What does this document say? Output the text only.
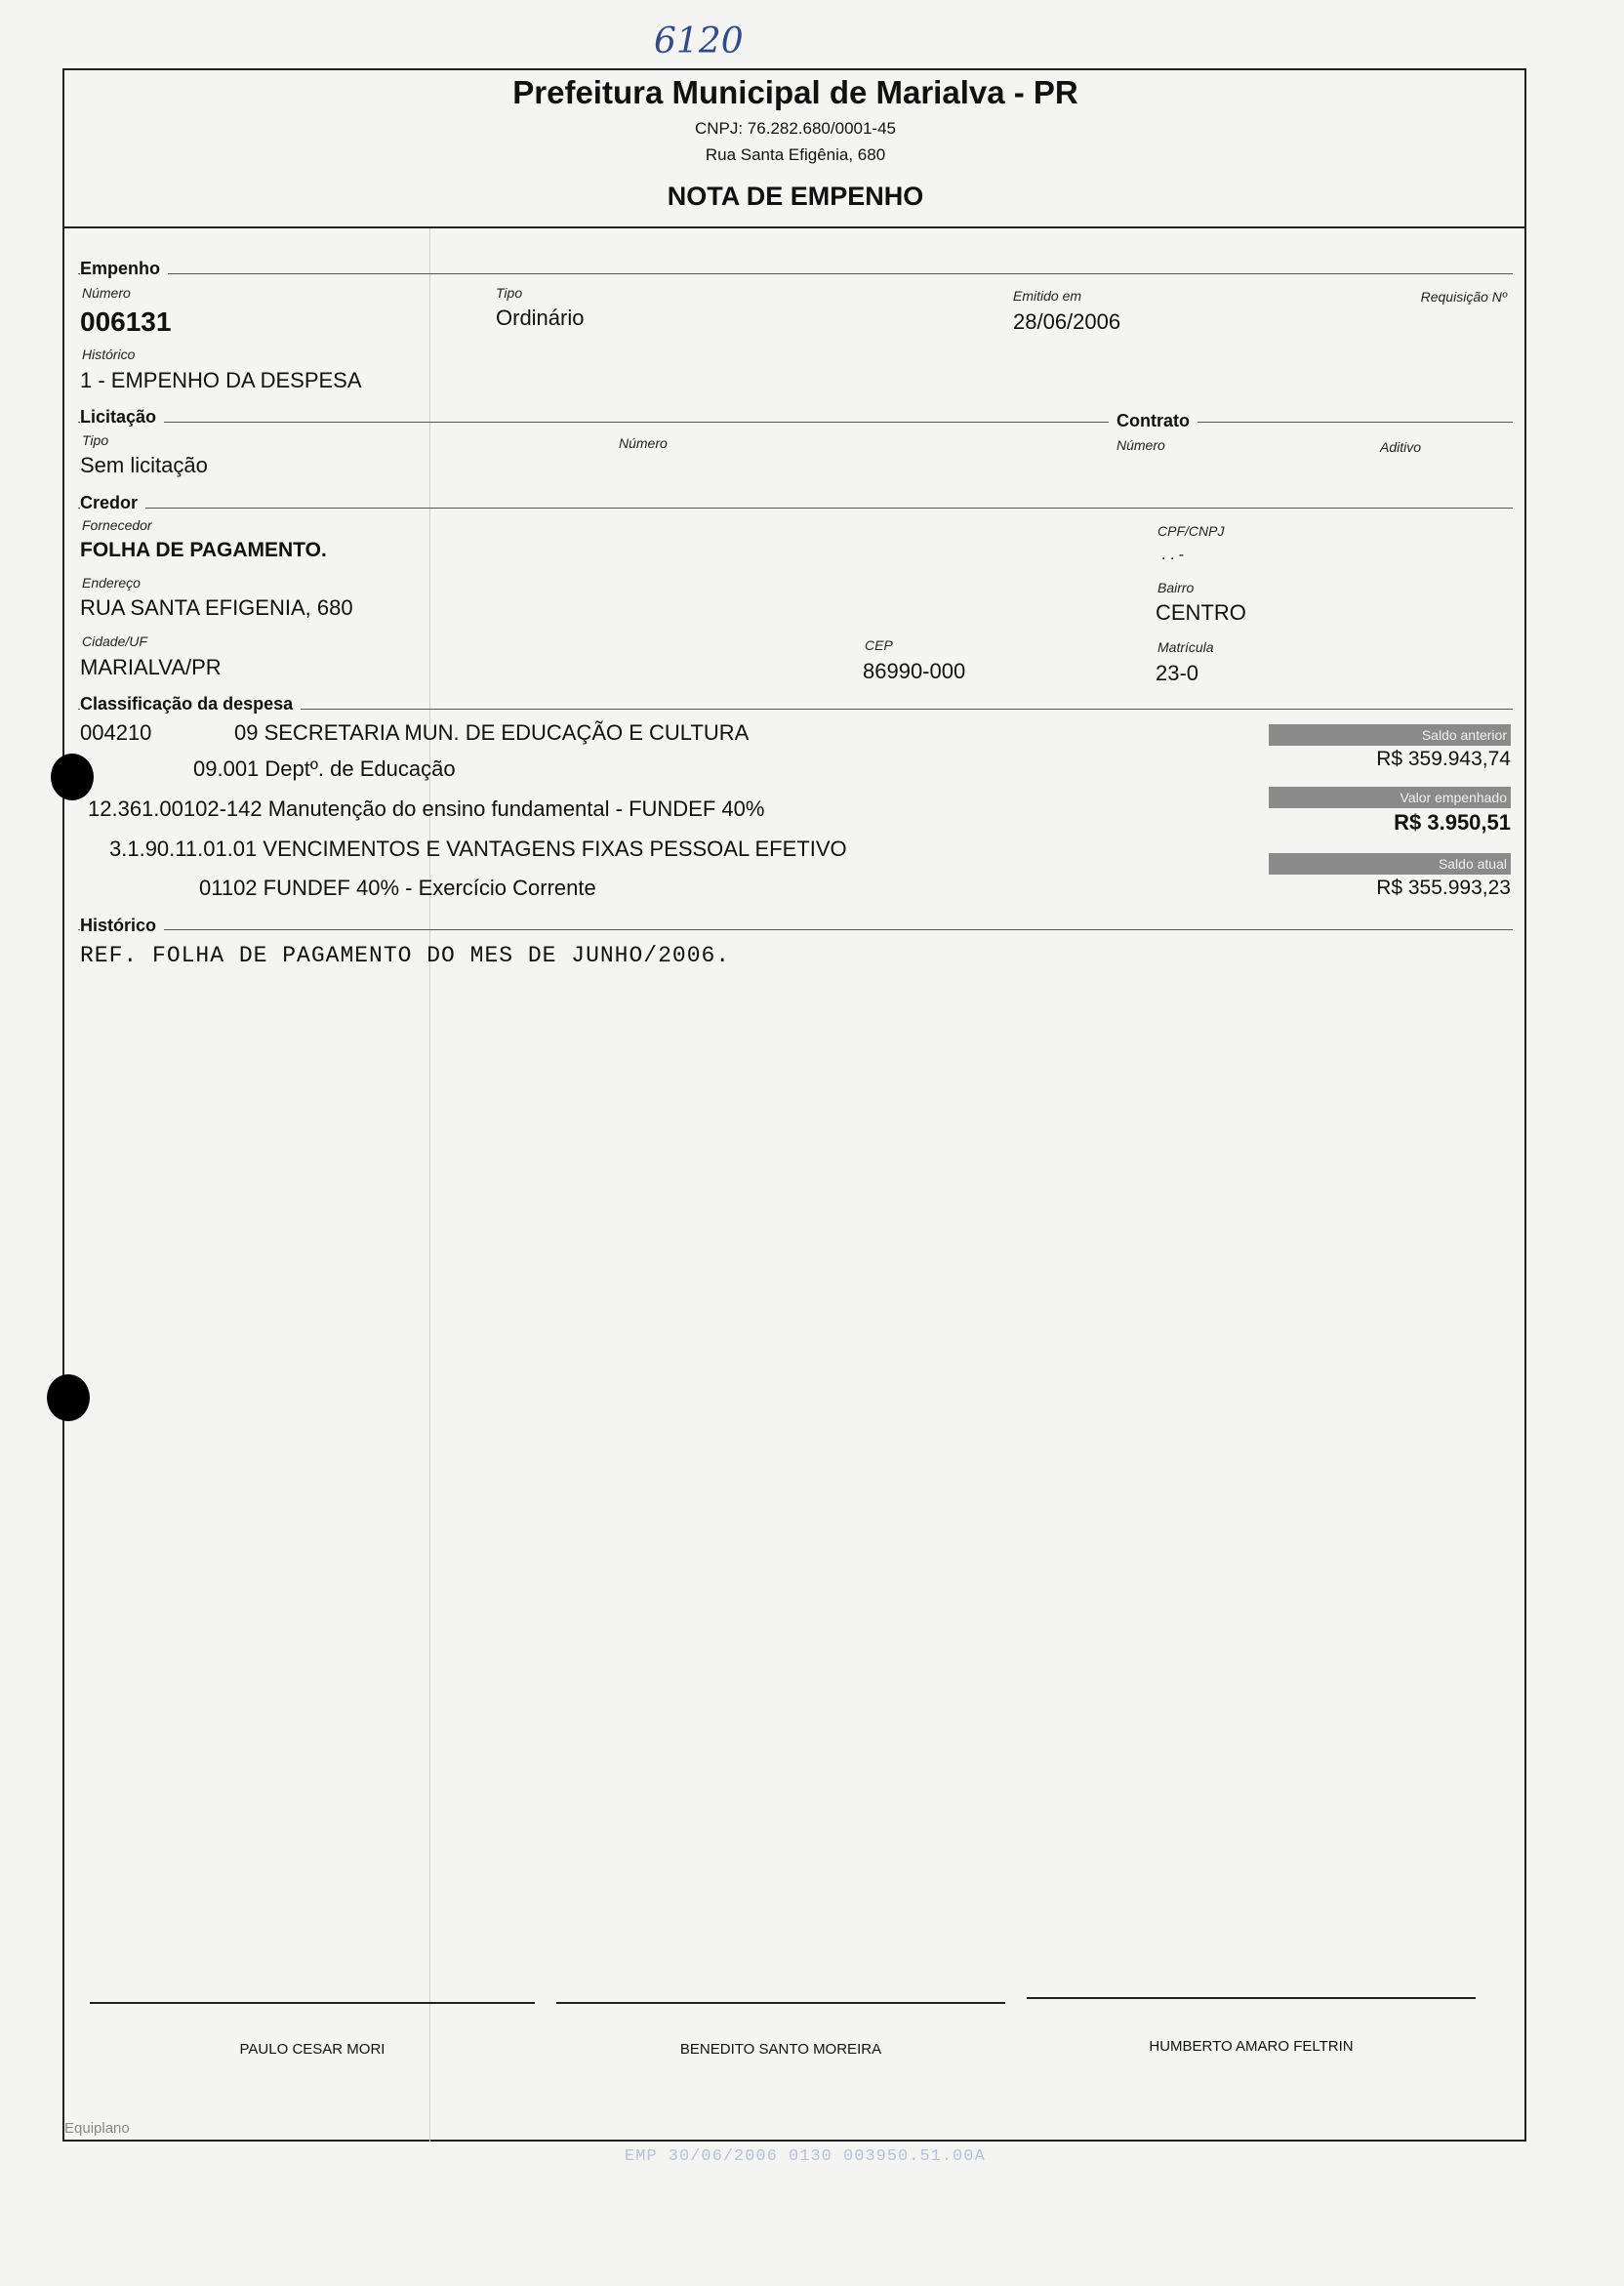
6120
Prefeitura Municipal de Marialva - PR
CNPJ: 76.282.680/0001-45
Rua Santa Efigênia, 680
NOTA DE EMPENHO
Empenho
Número
006131
Tipo
Ordinário
Emitido em
28/06/2006
Requisição Nº
Histórico
1 - EMPENHO DA DESPESA
Licitação	Contrato
Tipo
Sem licitação
Número	Número	Aditivo
Credor
Fornecedor
FOLHA DE PAGAMENTO.
CPF/CNPJ
. . -
Endereço
RUA SANTA EFIGENIA, 680
Bairro
CENTRO
Cidade/UF
MARIALVA/PR
CEP
86990-000
Matrícula
23-0
Classificação da despesa
004210	09 SECRETARIA MUN. DE EDUCAÇÃO E CULTURA
09.001 Deptº. de Educação
12.361.00102-142 Manutenção do ensino fundamental - FUNDEF 40%
3.1.90.11.01.01 VENCIMENTOS E VANTAGENS FIXAS PESSOAL EFETIVO
01102 FUNDEF 40% - Exercício Corrente
Saldo anterior
R$ 359.943,74
Valor empenhado
R$ 3.950,51
Saldo atual
R$ 355.993,23
Histórico
REF. FOLHA DE PAGAMENTO DO MES DE JUNHO/2006.
PAULO CESAR MORI	BENEDITO SANTO MOREIRA	HUMBERTO AMARO FELTRIN
Equiplano
EMP 30/06/2006 0130 003950.51.00A
